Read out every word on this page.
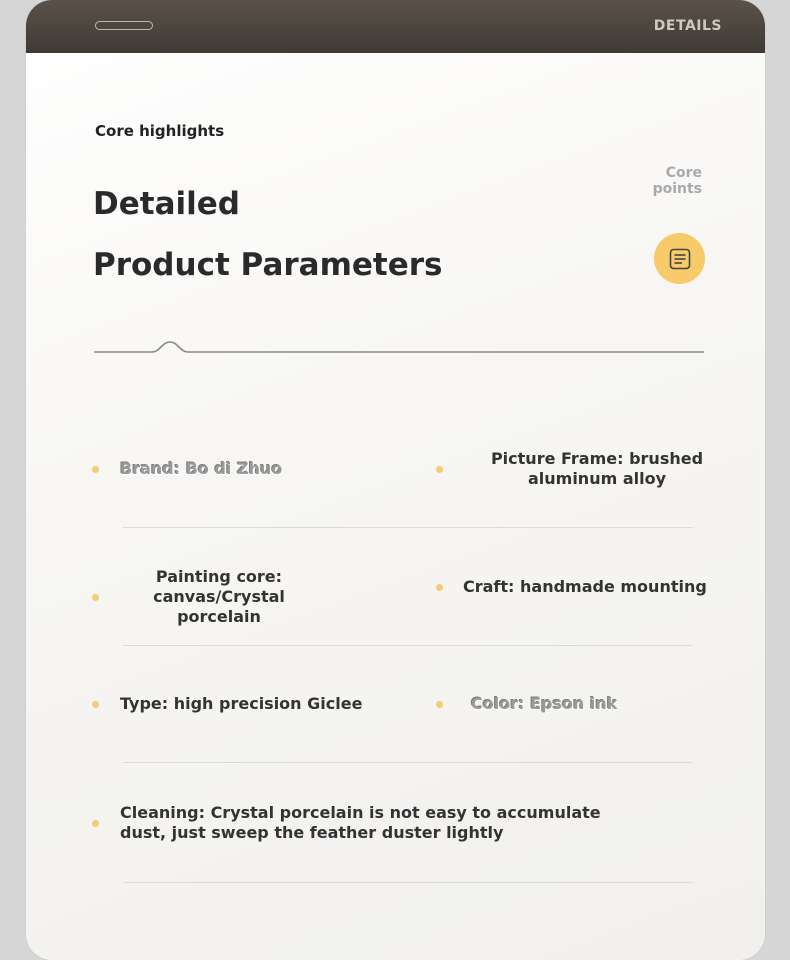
DETAILS
Core highlights
Detailed
Product Parameters
Core
points
Brand: Bo di Zhuo
Picture Frame: brushed
aluminum alloy
Painting core:
canvas/Crystal porcelain
Craft: handmade mounting
Type: high precision Giclee	Color: Epson ink
Cleaning: Crystal porcelain is not easy to accumulate
dust, just sweep the feather duster lightly
